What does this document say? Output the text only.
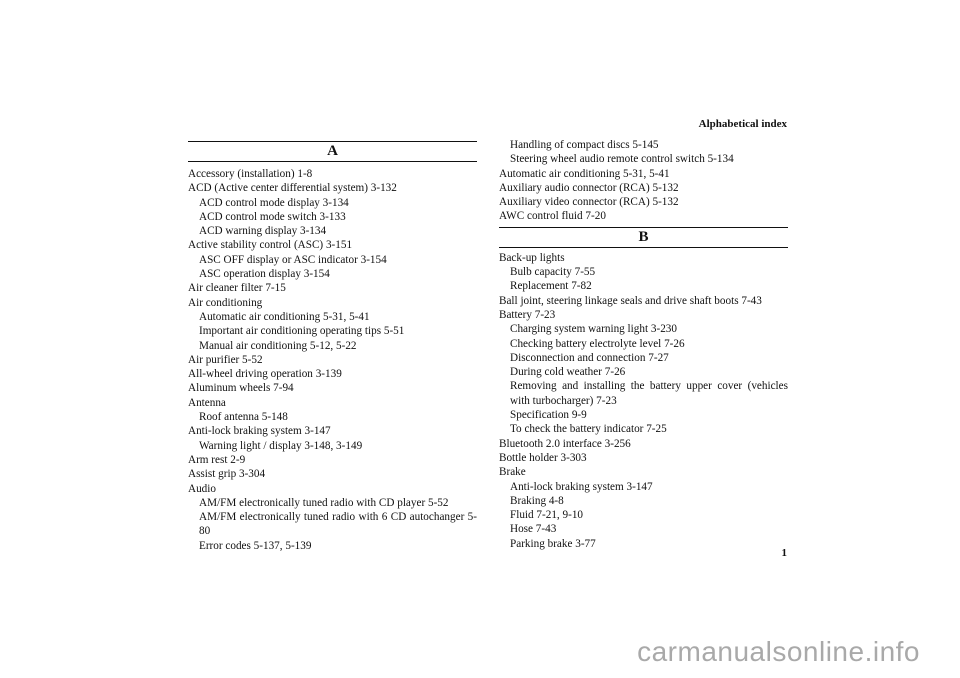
Alphabetical index
A
Accessory (installation) 1-8
ACD (Active center differential system) 3-132
ACD control mode display 3-134
ACD control mode switch 3-133
ACD warning display 3-134
Active stability control (ASC) 3-151
ASC OFF display or ASC indicator 3-154
ASC operation display 3-154
Air cleaner filter 7-15
Air conditioning
Automatic air conditioning 5-31, 5-41
Important air conditioning operating tips 5-51
Manual air conditioning 5-12, 5-22
Air purifier 5-52
All-wheel driving operation 3-139
Aluminum wheels 7-94
Antenna
Roof antenna 5-148
Anti-lock braking system 3-147
Warning light / display 3-148, 3-149
Arm rest 2-9
Assist grip 3-304
Audio
AM/FM electronically tuned radio with CD player 5-52
AM/FM electronically tuned radio with 6 CD autochanger 5-80
Error codes 5-137, 5-139
Handling of compact discs 5-145
Steering wheel audio remote control switch 5-134
Automatic air conditioning 5-31, 5-41
Auxiliary audio connector (RCA) 5-132
Auxiliary video connector (RCA) 5-132
AWC control fluid 7-20
B
Back-up lights
Bulb capacity 7-55
Replacement 7-82
Ball joint, steering linkage seals and drive shaft boots 7-43
Battery 7-23
Charging system warning light 3-230
Checking battery electrolyte level 7-26
Disconnection and connection 7-27
During cold weather 7-26
Removing and installing the battery upper cover (vehicles with turbocharger) 7-23
Specification 9-9
To check the battery indicator 7-25
Bluetooth 2.0 interface 3-256
Bottle holder 3-303
Brake
Anti-lock braking system 3-147
Braking 4-8
Fluid 7-21, 9-10
Hose 7-43
Parking brake 3-77
1
carmanualsonline.info
